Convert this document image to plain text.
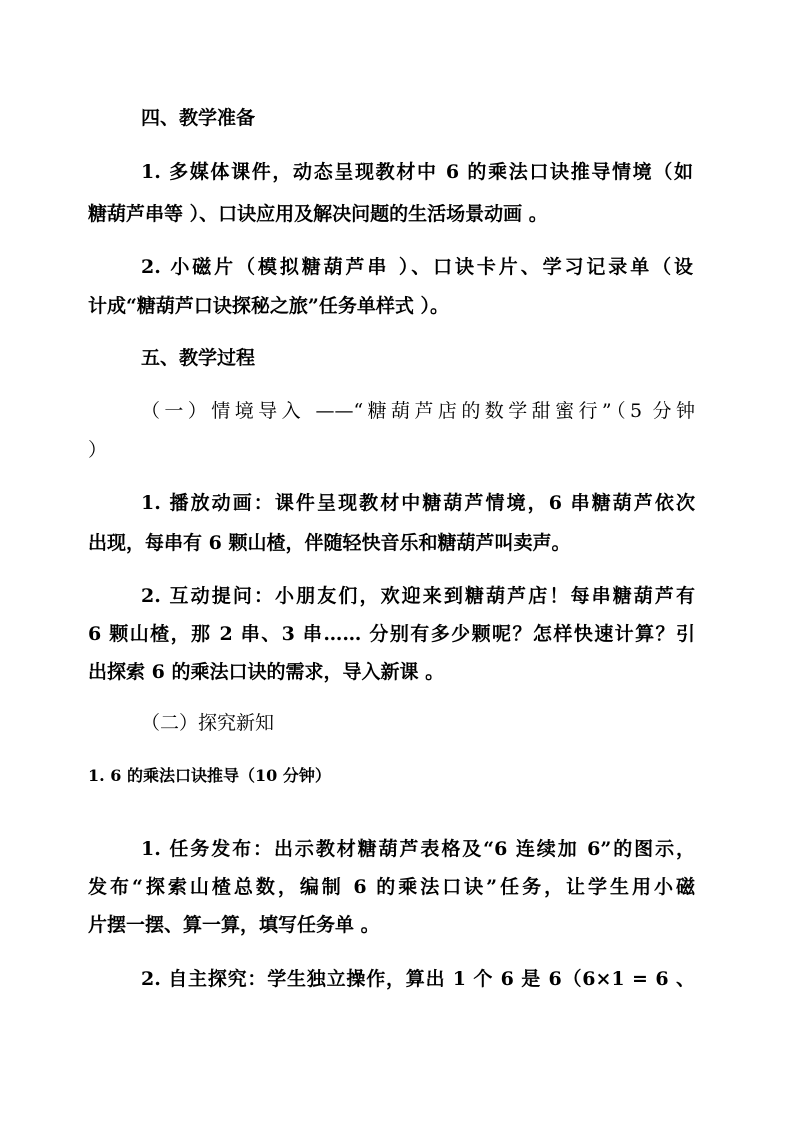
四、教学准备
1. 多媒体课件，动态呈现教材中 6 的乘法口诀推导情境（如
糖葫芦串等 ）、口诀应用及解决问题的生活场景动画 。
2. 小磁片（模拟糖葫芦串 ）、口诀卡片、学习记录单（设
计成“糖葫芦口诀探秘之旅”任务单样式 ）。
五、教学过程
（一）情境导入 ——“糖葫芦店的数学甜蜜行”（5 分钟
）
1. 播放动画：课件呈现教材中糖葫芦情境，6 串糖葫芦依次
出现，每串有 6 颗山楂，伴随轻快音乐和糖葫芦叫卖声。
2. 互动提问：小朋友们，欢迎来到糖葫芦店！每串糖葫芦有
6 颗山楂，那 2 串、3 串…… 分别有多少颗呢？怎样快速计算？引
出探索 6 的乘法口诀的需求，导入新课 。
（二）探究新知
1. 6 的乘法口诀推导（10 分钟）
1. 任务发布：出示教材糖葫芦表格及“6 连续加 6”的图示，
发布“探索山楂总数，编制 6 的乘法口诀”任务，让学生用小磁
片摆一摆、算一算，填写任务单 。
2. 自主探究：学生独立操作，算出 1 个 6 是 6（6×1 = 6 、
